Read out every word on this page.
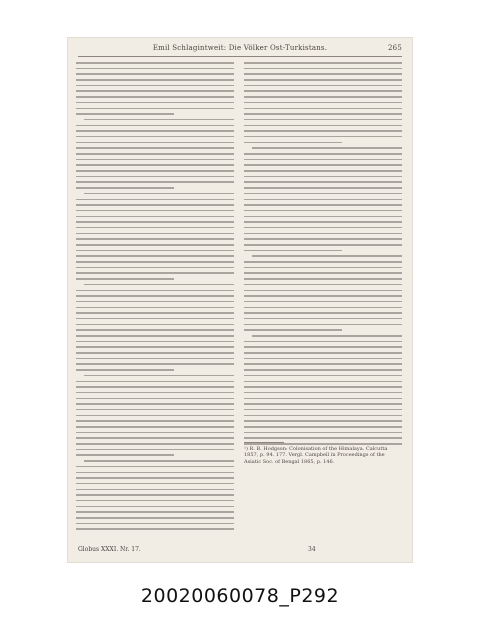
Emil Schlagintweit: Die Völker Ost-Turkistans.	265
¹) R. B. Hodgson: Colonisation of the Himalaya. Calcutta 1857, p. 94. 177. Vergl. Campbell in Proceedings of the Asiatic Soc. of Bengal 1865, p. 146.
Globus XXXI. Nr. 17.	34
20020060078_P292
